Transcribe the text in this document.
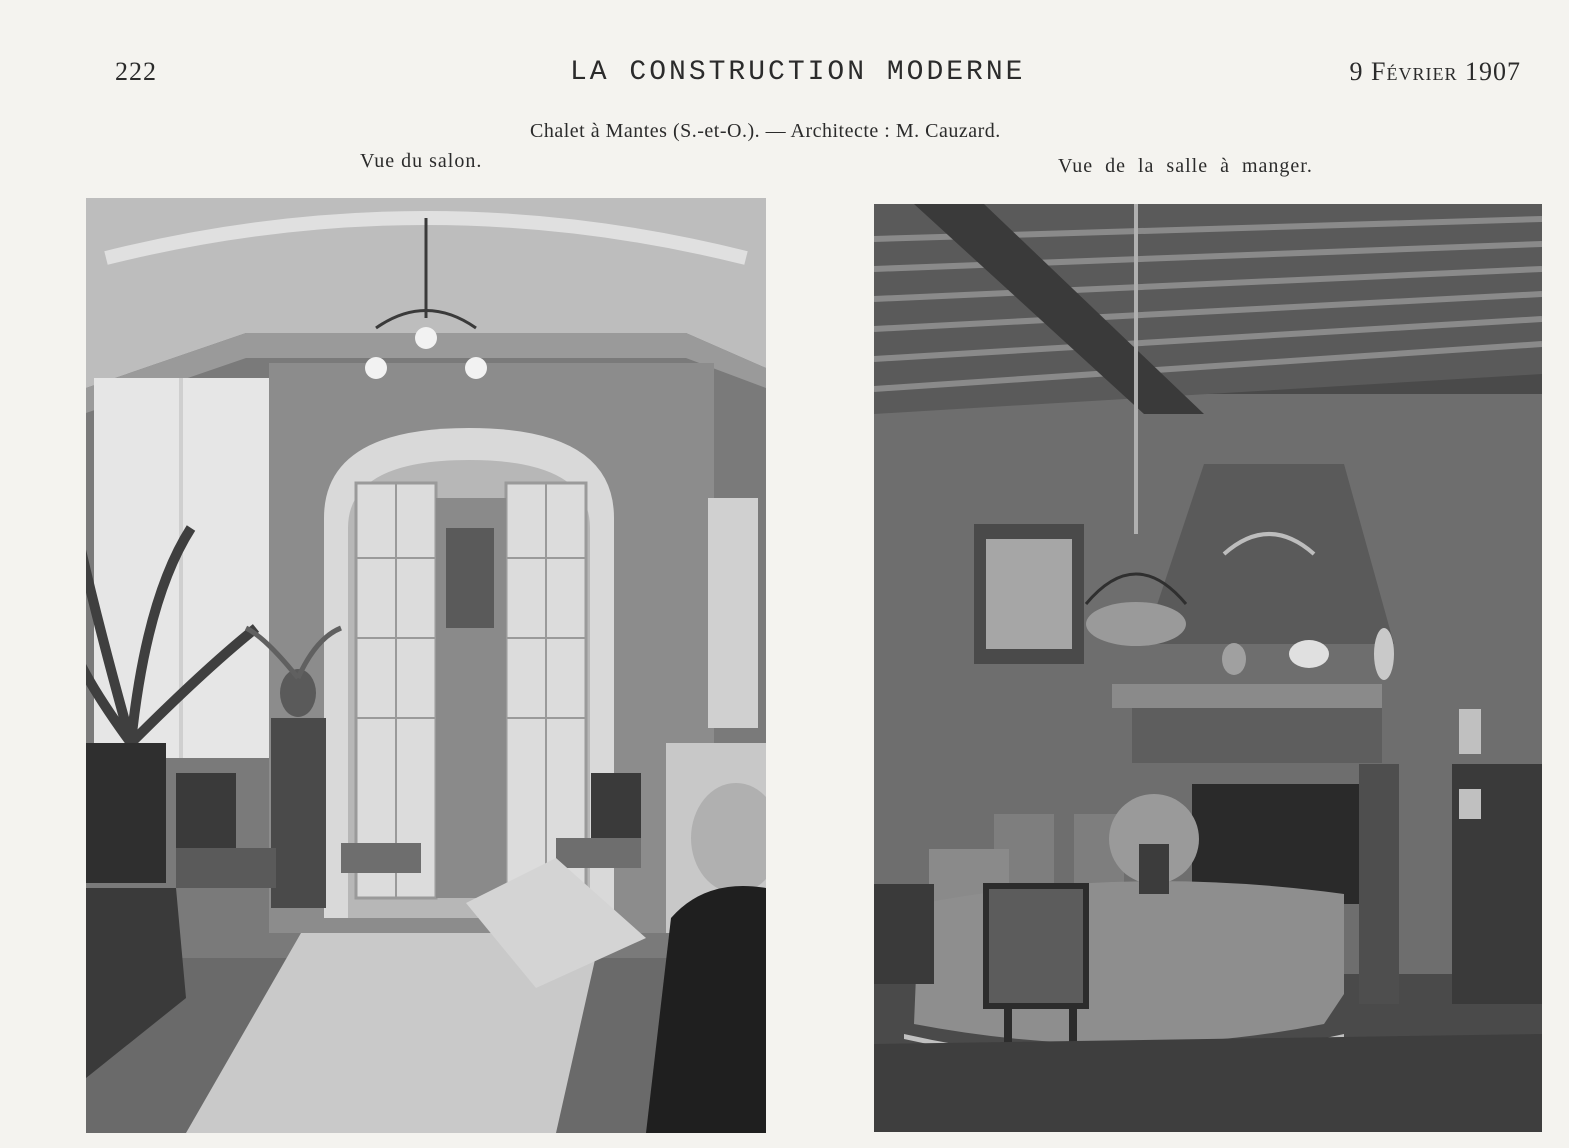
222	LA CONSTRUCTION MODERNE	9 Février 1907
Chalet à Mantes (S.-et-O.). — Architecte : M. Cauzard.
Vue du salon.	Vue de la salle à manger.
